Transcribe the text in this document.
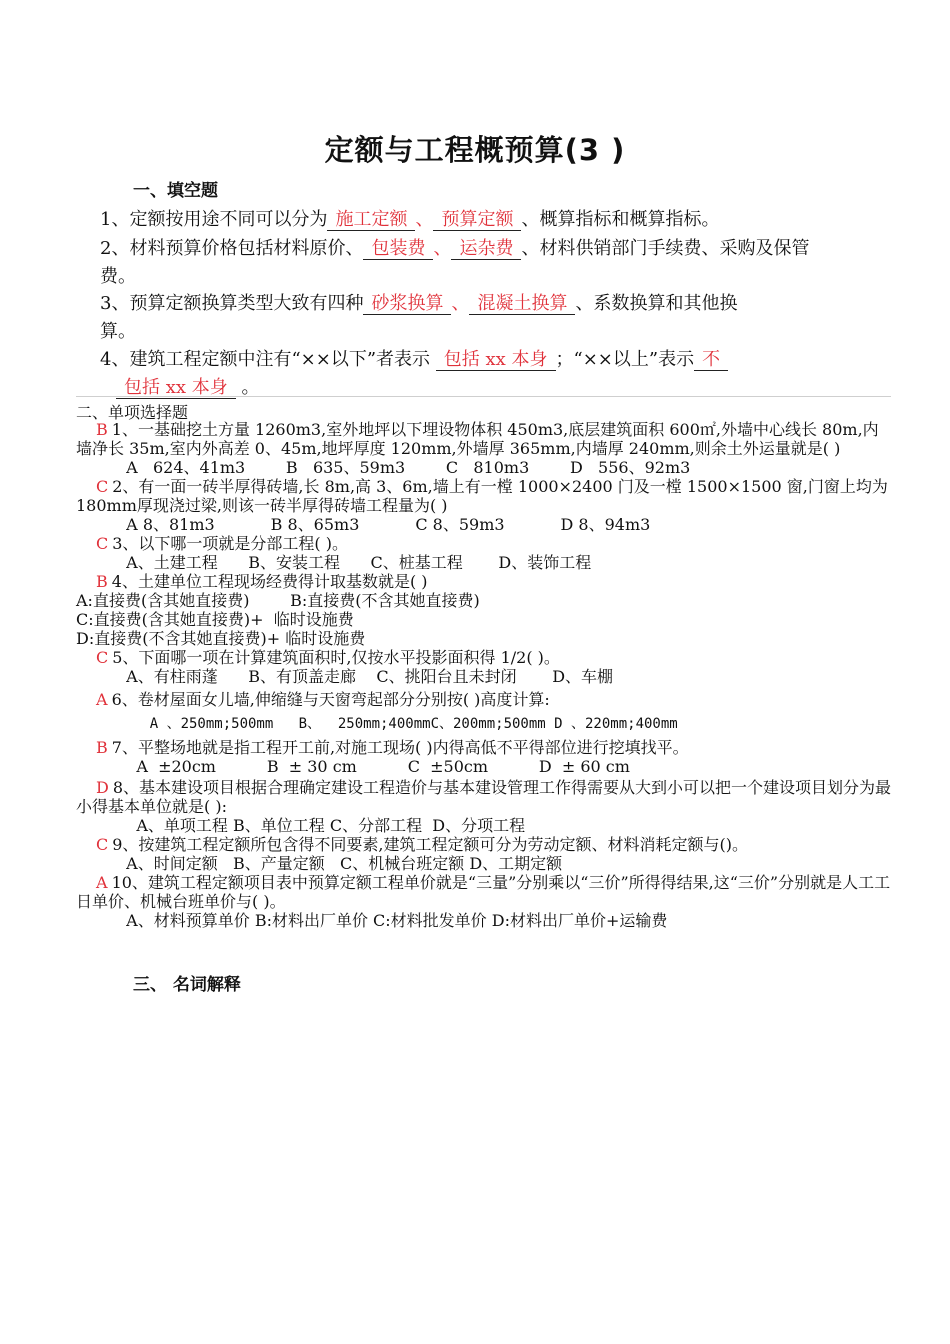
定额与工程概预算(3 )
一、填空题
1、定额按用途不同可以分为 施工定额 、 预算定额 、概算指标和概算指标。
2、材料预算价格包括材料原价、 包装费 、 运杂费 、材料供销部门手续费、采购及保管
费。
3、预算定额换算类型大致有四种 砂浆换算 、 混凝土换算 、系数换算和其他换
算。
4、建筑工程定额中注有“××以下”者表示 包括 xx 本身 ；“××以上”表示 不
包括 xx 本身 。
二、单项选择题

B 1、一基础挖土方量 1260m3,室外地坪以下埋设物体积 450m3,底层建筑面积 600㎡,外墙中心线长 80m,内墙净长 35m,室内外高差 0、45m,地坪厚度 120mm,外墙厚 365mm,内墙厚 240mm,则余土外运量就是( )

A   624、41m3        B   635、59m3        C   810m3        D   556、92m3

C 2、有一面一砖半厚得砖墙,长 8m,高 3、6m,墙上有一樘 1000×2400 门及一樘 1500×1500 窗,门窗上均为 180mm厚现浇过梁,则该一砖半厚得砖墙工程量为( )

A 8、81m3           B 8、65m3           C 8、59m3           D 8、94m3

C 3、以下哪一项就是分部工程( )。

A、土建工程      B、安装工程      C、桩基工程       D、装饰工程

B 4、土建单位工程现场经费得计取基数就是( )

A:直接费(含其她直接费)        B:直接费(不含其她直接费)

C:直接费(含其她直接费)+  临时设施费

D:直接费(不含其她直接费)+ 临时设施费

C 5、下面哪一项在计算建筑面积时,仅按水平投影面积得 1/2( )。

A、有柱雨蓬      B、有顶盖走廊    C、挑阳台且未封闭       D、车棚

A 6、卷材屋面女儿墙,伸缩缝与天窗弯起部分分别按( )高度计算:

A 、250mm;500mm   B、  250mm;400mmC、200mm;500mm D 、220mm;400mm

B 7、平整场地就是指工程开工前,对施工现场( )内得高低不平得部位进行挖填找平。

A  ±20cm          B  ± 30 cm          C  ±50cm          D  ± 60 cm

D 8、基本建设项目根据合理确定建设工程造价与基本建设管理工作得需要从大到小可以把一个建设项目划分为最小得基本单位就是( ):

A、单项工程 B、单位工程 C、分部工程  D、分项工程

C 9、按建筑工程定额所包含得不同要素,建筑工程定额可分为劳动定额、材料消耗定额与()。

A、时间定额   B、产量定额   C、机械台班定额 D、工期定额

A 10、建筑工程定额项目表中预算定额工程单价就是“三量”分别乘以“三价”所得得结果,这“三价”分别就是人工工日单价、机械台班单价与( )。

A、材料预算单价 B:材料出厂单价 C:材料批发单价 D:材料出厂单价+运输费

三、 名词解释
